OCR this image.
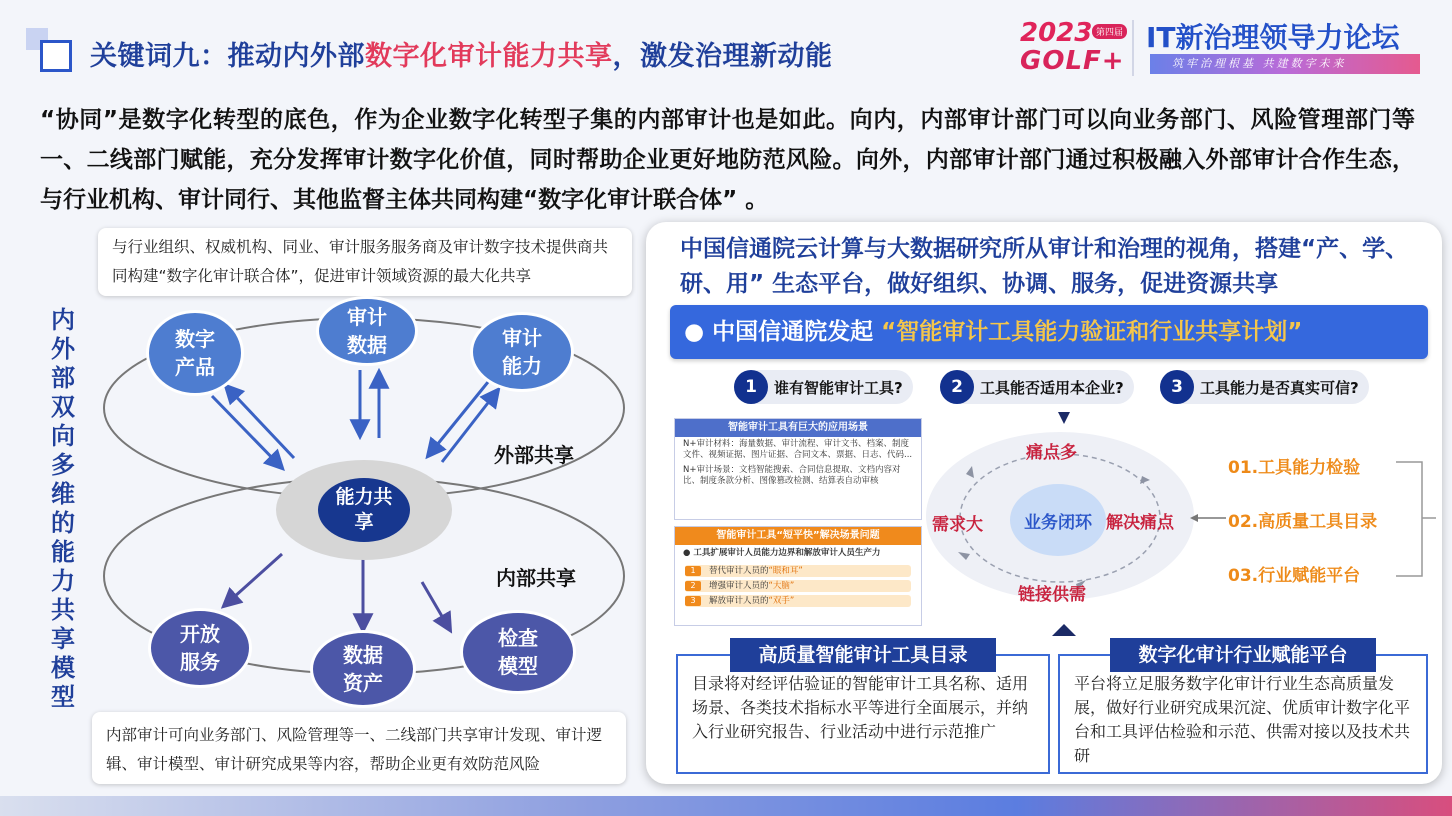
关键词九：推动内外部数字化审计能力共享，激发治理新动能
2023 第四届
GOLF+
IT新治理领导力论坛
筑牢治理根基 共建数字未来
“协同”是数字化转型的底色，作为企业数字化转型子集的内部审计也是如此。向内，内部审计部门可以向业务部门、风险管理部门等一、二线部门赋能，充分发挥审计数字化价值，同时帮助企业更好地防范风险。向外，内部审计部门通过积极融入外部审计合作生态，与行业机构、审计同行、其他监督主体共同构建“数字化审计联合体” 。
与行业组织、权威机构、同业、审计服务服务商及审计数字技术提供商共同构建“数字化审计联合体”，促进审计领域资源的最大化共享
内外部双向多维的能力共享模型
能力共享
数字产品
审计数据	审计能力
开放服务	数据资产
检查模型
外部共享
内部共享
内部审计可向业务部门、风险管理等一、二线部门共享审计发现、审计逻辑、审计模型、审计研究成果等内容，帮助企业更有效防范风险
中国信通院云计算与大数据研究所从审计和治理的视角，搭建“产、学、研、用” 生态平台，做好组织、协调、服务，促进资源共享
● 中国信通院发起 “智能审计工具能力验证和行业共享计划”
1	谁有智能审计工具?	2	工具能否适用本企业?	3	工具能力是否真实可信?
智能审计工具有巨大的应用场景

N+审计材料：海量数据、审计流程、审计文书、档案、制度文件、视频证据、图片证据、合同文本、票据、日志、代码...

N+审计场景：文档智能搜索、合同信息提取、文档内容对比、制度条款分析、图像篡改检测、结算表自动审核

智能审计工具“短平快”解决场景问题

● 工具扩展审计人员能力边界和解放审计人员生产力

1	替代审计人员的 “眼和耳”
2	增强审计人员的 “大脑”
3	解放审计人员的 “双手”
业务闭环
痛点多
解决痛点
链接供需
需求大
01.工具能力检验
02.高质量工具目录
03.行业赋能平台
目录将对经评估验证的智能审计工具名称、适用场景、各类技术指标水平等进行全面展示，并纳入行业研究报告、行业活动中进行示范推广
高质量智能审计工具目录
平台将立足服务数字化审计行业生态高质量发展，做好行业研究成果沉淀、优质审计数字化平台和工具评估检验和示范、供需对接以及技术共研
数字化审计行业赋能平台
